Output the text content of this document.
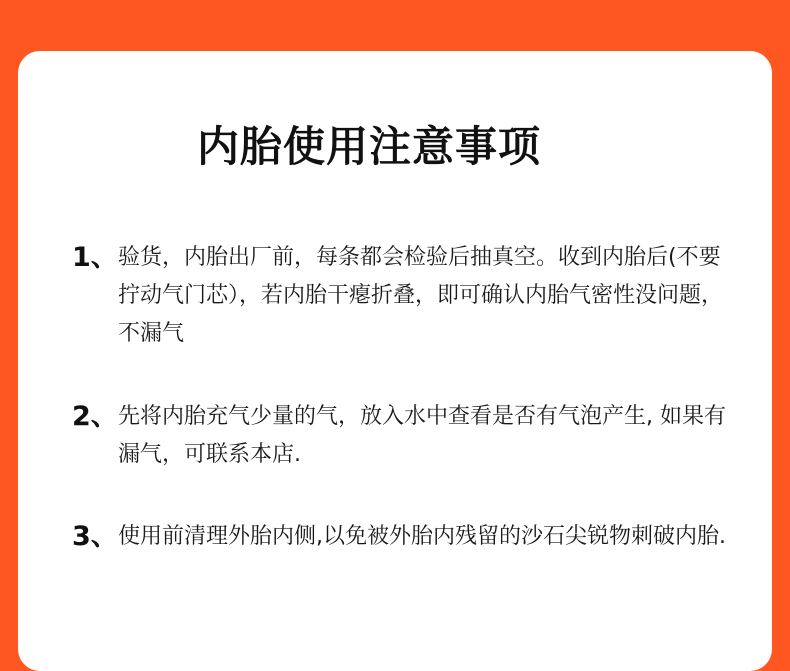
内胎使用注意事项
1、 验货，内胎出厂前，每条都会检验后抽真空。收到内胎后(不要拧动气门芯），若内胎干瘪折叠，即可确认内胎气密性没问题，不漏气

2、 先将内胎充气少量的气，放入水中查看是否有气泡产生, 如果有漏气，可联系本店.

3、 使用前清理外胎内侧,以免被外胎内残留的沙石尖锐物刺破内胎.
